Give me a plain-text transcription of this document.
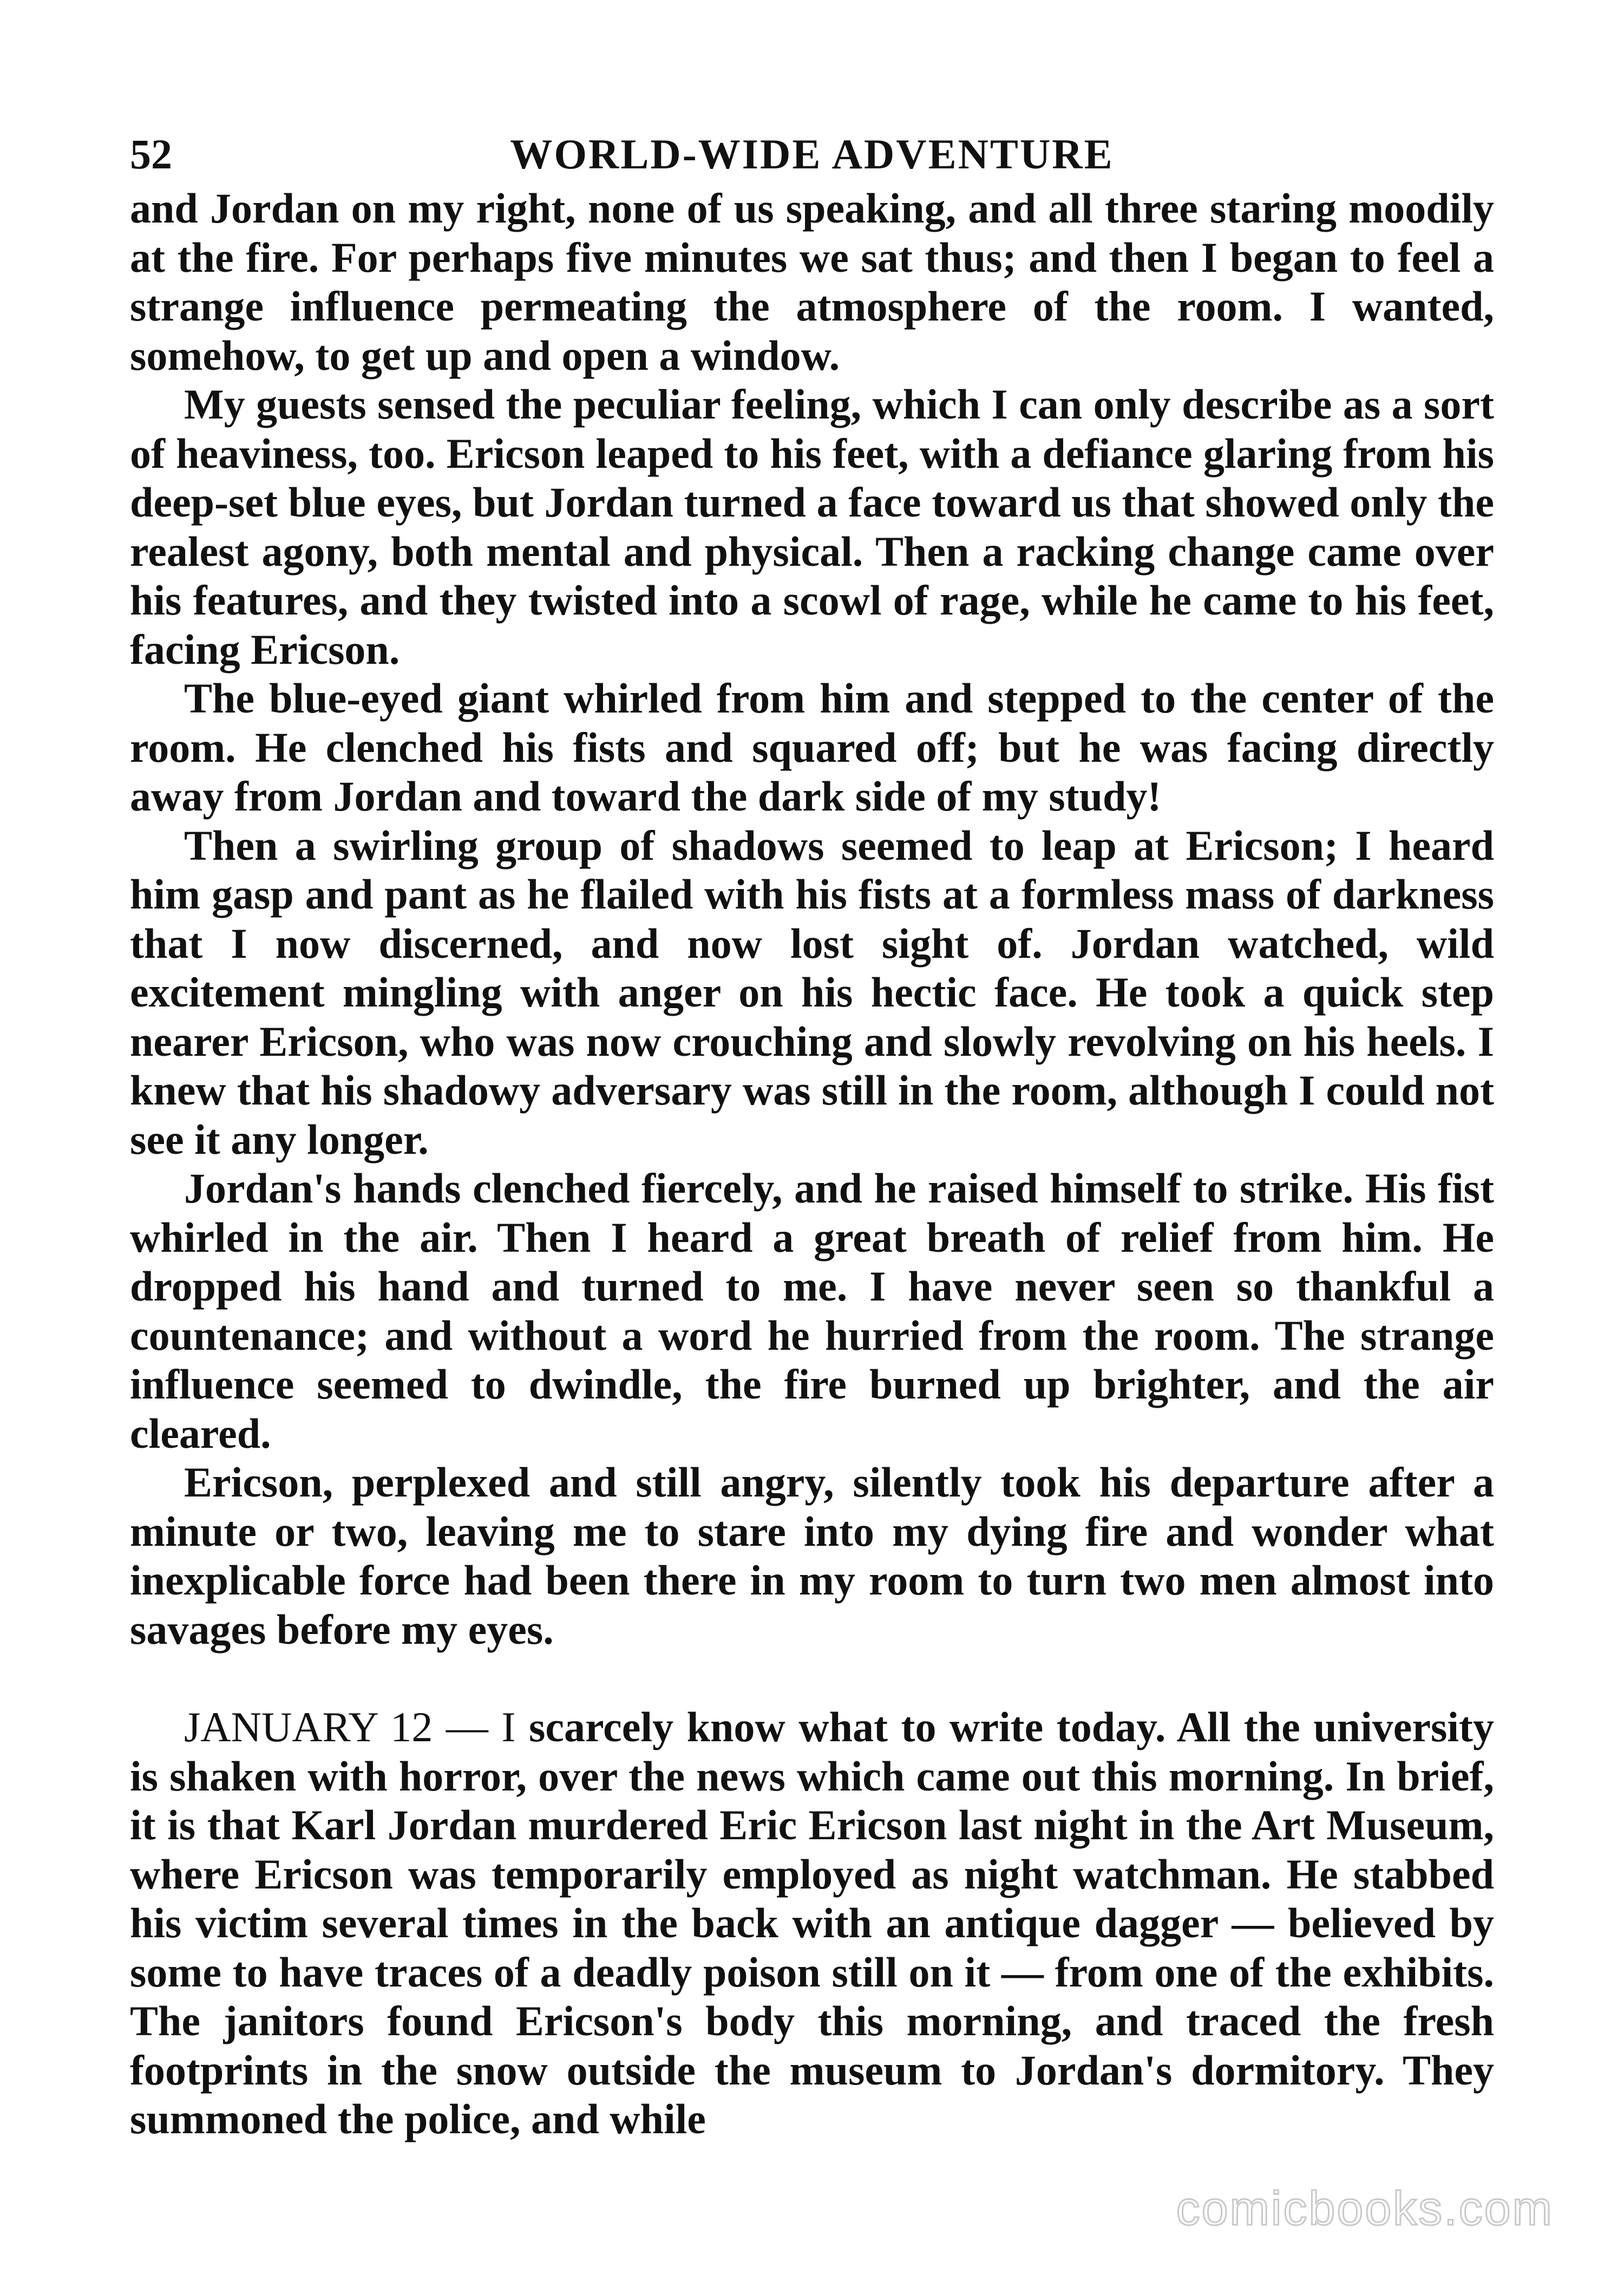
52	WORLD-WIDE ADVENTURE

and Jordan on my right, none of us speaking, and all three staring moodily at the fire. For perhaps five minutes we sat thus; and then I began to feel a strange influence permeating the atmosphere of the room. I wanted, somehow, to get up and open a window.

My guests sensed the peculiar feeling, which I can only describe as a sort of heaviness, too. Ericson leaped to his feet, with a defiance glaring from his deep-set blue eyes, but Jordan turned a face toward us that showed only the realest agony, both mental and physical. Then a racking change came over his features, and they twisted into a scowl of rage, while he came to his feet, facing Ericson.

The blue-eyed giant whirled from him and stepped to the center of the room. He clenched his fists and squared off; but he was facing directly away from Jordan and toward the dark side of my study!

Then a swirling group of shadows seemed to leap at Ericson; I heard him gasp and pant as he flailed with his fists at a formless mass of darkness that I now discerned, and now lost sight of. Jordan watched, wild excitement mingling with anger on his hectic face. He took a quick step nearer Ericson, who was now crouching and slowly revolving on his heels. I knew that his shadowy adversary was still in the room, although I could not see it any longer.

Jordan's hands clenched fiercely, and he raised himself to strike. His fist whirled in the air. Then I heard a great breath of relief from him. He dropped his hand and turned to me. I have never seen so thankful a countenance; and without a word he hurried from the room. The strange influence seemed to dwindle, the fire burned up brighter, and the air cleared.

Ericson, perplexed and still angry, silently took his departure after a minute or two, leaving me to stare into my dying fire and wonder what inexplicable force had been there in my room to turn two men almost into savages before my eyes.

JANUARY 12 — I scarcely know what to write today. All the university is shaken with horror, over the news which came out this morning. In brief, it is that Karl Jordan murdered Eric Ericson last night in the Art Museum, where Ericson was temporarily employed as night watchman. He stabbed his victim several times in the back with an antique dagger — believed by some to have traces of a deadly poison still on it — from one of the exhibits. The janitors found Ericson's body this morning, and traced the fresh footprints in the snow outside the museum to Jordan's dormitory. They summoned the police, and while

comicbooks.com
